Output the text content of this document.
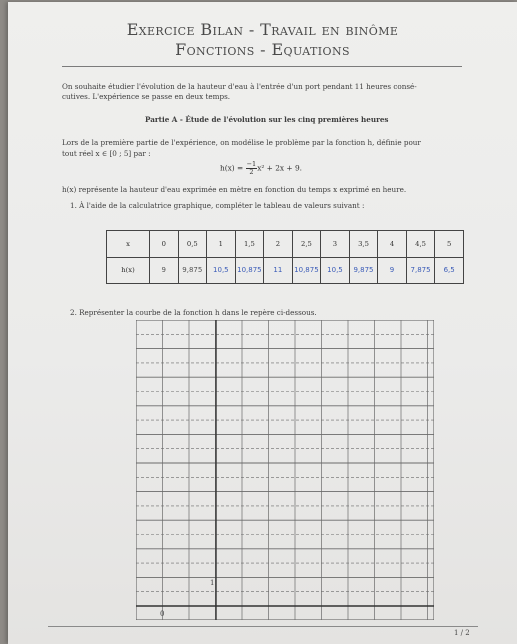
Exercice Bilan - Travail en binôme
Fonctions - Equations
On souhaite étudier l'évolution de la hauteur d'eau à l'entrée d'un port pendant 11 heures consé-
cutives. L'expérience se passe en deux temps.
Partie A - Étude de l'évolution sur les cinq premières heures
Lors de la première partie de l'expérience, on modélise le problème par la fonction h, définie pour
tout réel x ∈ [0 ; 5] par :
$h(x) = \frac{-1}{2} x^2 + 2x + 9$.
h(x) représente la hauteur d'eau exprimée en mètre en fonction du temps x exprimé en heure.
1. À l'aide de la calculatrice graphique, compléter le tableau de valeurs suivant :
x	0	0,5	1	1,5	2	2,5	3	3,5	4	4,5	5
h(x)	9	9,875	10,5	10,875	11	10,875	10,5	9,875	9	7,875	6,5
2. Représenter la courbe de la fonction h dans le repère ci-dessous.
1
0
1 / 2
